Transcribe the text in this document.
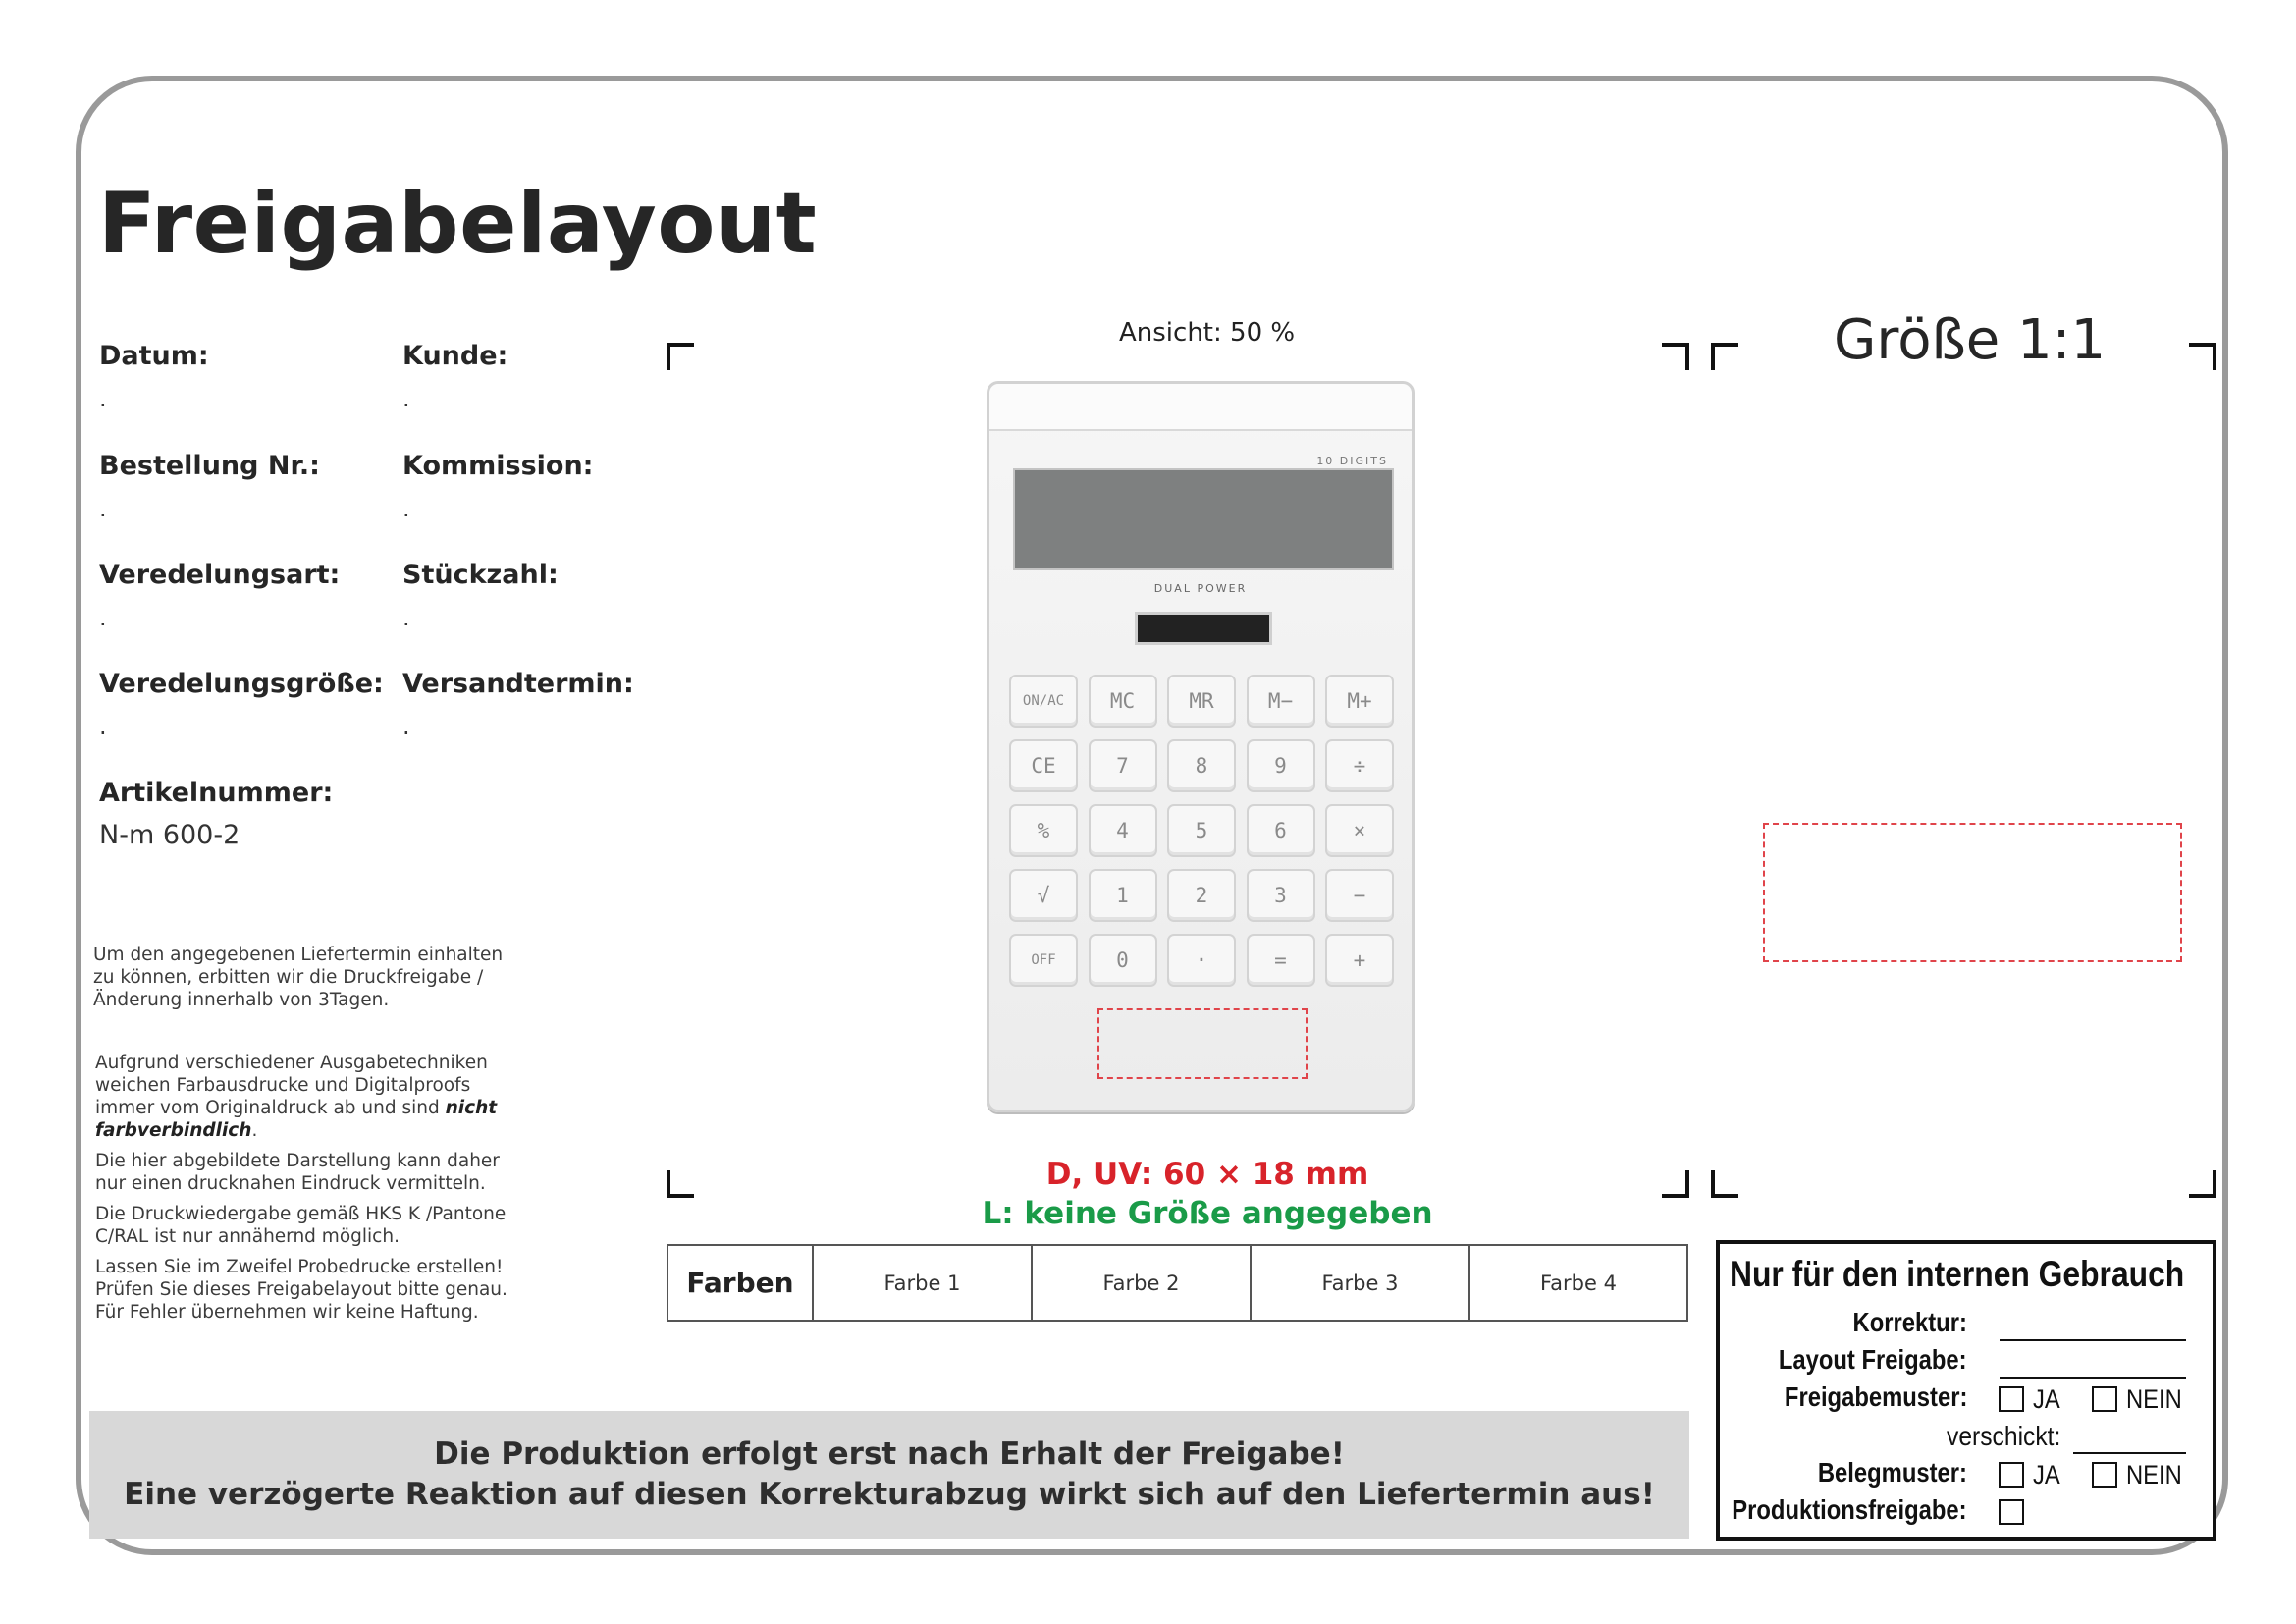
Freigabelayout
Datum:
.
Kunde:
.
Bestellung Nr.:
.
Kommission:
.
Veredelungsart:
.
Stückzahl:
.
Veredelungsgröße:
.
Versandtermin:
.
Artikelnummer:
N-m 600-2
Um den angegebenen Liefertermin einhalten
zu können, erbitten wir die Druckfreigabe /
Änderung innerhalb von 3Tagen.
Aufgrund verschiedener Ausgabetechniken
weichen Farbausdrucke und Digitalproofs
immer vom Originaldruck ab und sind nicht
farbverbindlich.
Die hier abgebildete Darstellung kann daher
nur einen drucknahen Eindruck vermitteln.
Die Druckwiedergabe gemäß HKS K /Pantone
C/RAL ist nur annähernd möglich.
Lassen Sie im Zweifel Probedrucke erstellen!
Prüfen Sie dieses Freigabelayout bitte genau.
Für Fehler übernehmen wir keine Haftung.
Ansicht: 50 %	Größe 1:1
10 DIGITS
DUAL POWER
ON/AC	MC	MR	M−	M+
CE	7	8	9	÷
%	4	5	6	×
√	1	2	3	−
OFF	0	·	=	+
D, UV: 60 × 18 mm
L: keine Größe angegeben
Farben	Farbe 1	Farbe 2	Farbe 3	Farbe 4
Die Produktion erfolgt erst nach Erhalt der Freigabe!
Eine verzögerte Reaktion auf diesen Korrekturabzug wirkt sich auf den Liefertermin aus!
Nur für den internen Gebrauch
Korrektur:
Layout Freigabe:
Freigabemuster: JA NEIN
verschickt:
Belegmuster: JA NEIN
Produktionsfreigabe:
